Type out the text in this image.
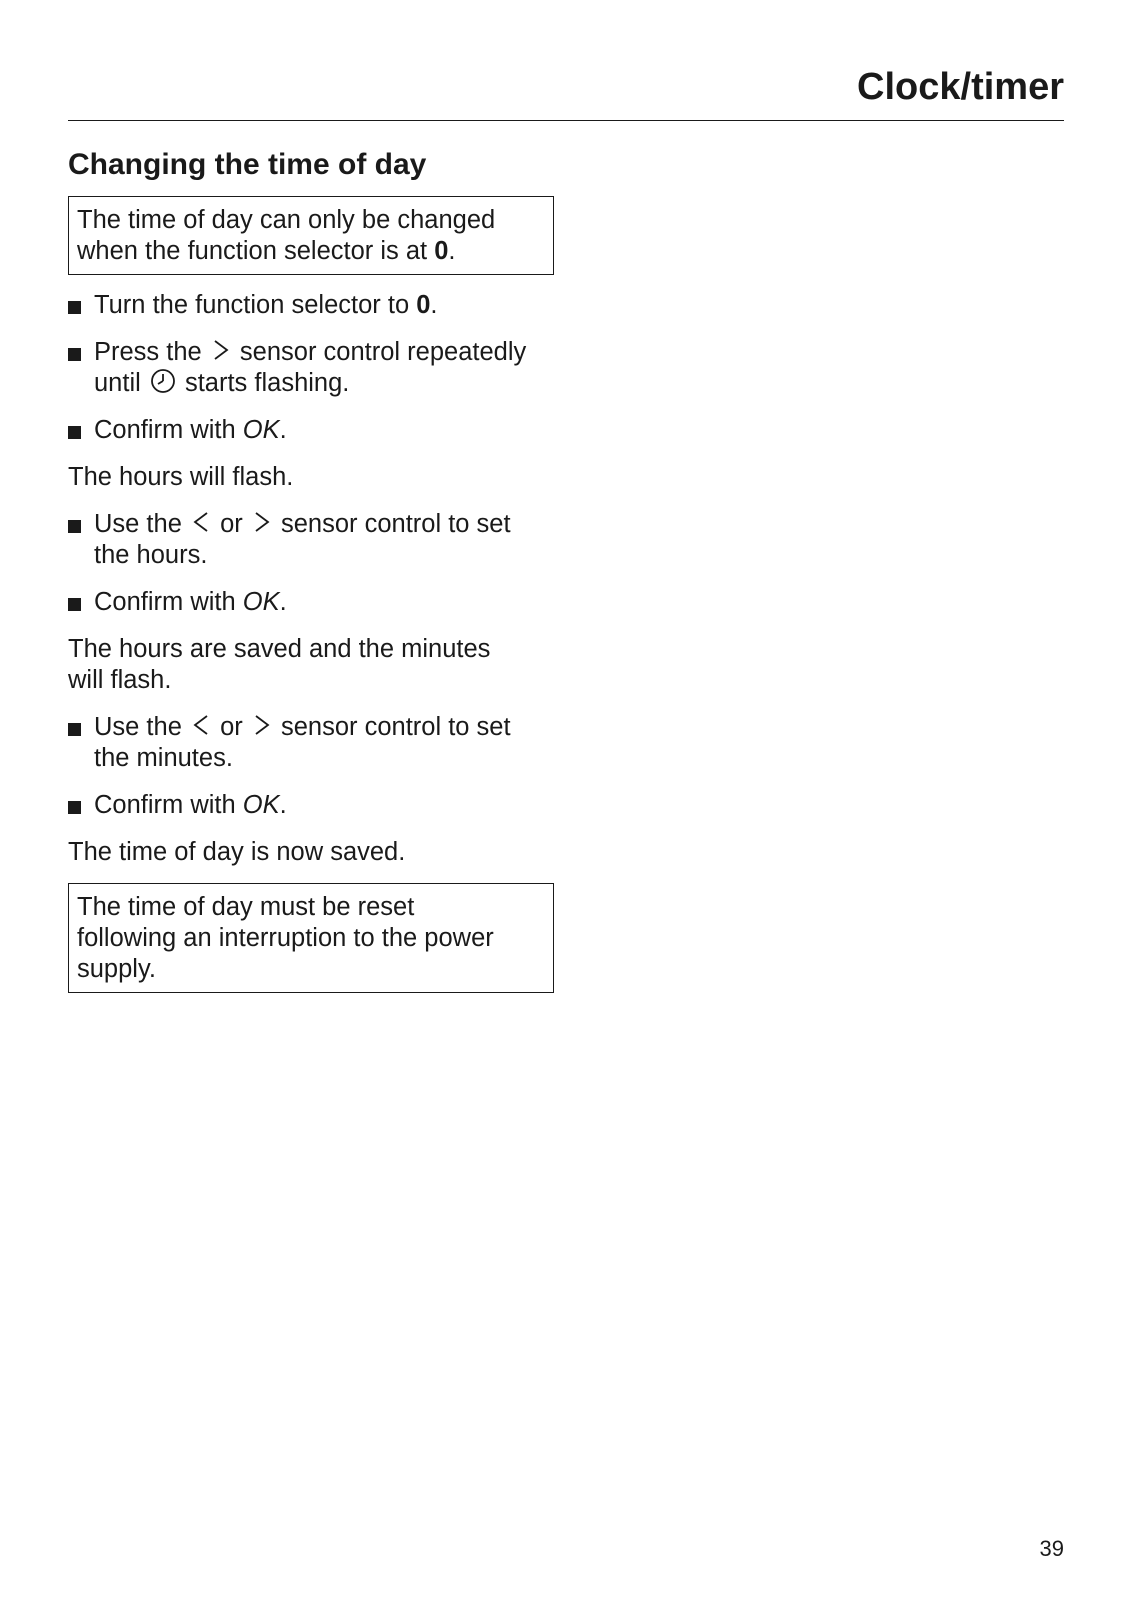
Clock/timer
Changing the time of day
The time of day can only be changed
when the function selector is at 0.
Turn the function selector to 0.
Press the sensor control repeatedly
until starts flashing.
Confirm with OK.
The hours will flash.
Use the or sensor control to set
the hours.
Confirm with OK.
The hours are saved and the minutes
will flash.
Use the or sensor control to set
the minutes.
Confirm with OK.
The time of day is now saved.
The time of day must be reset
following an interruption to the power
supply.

39
